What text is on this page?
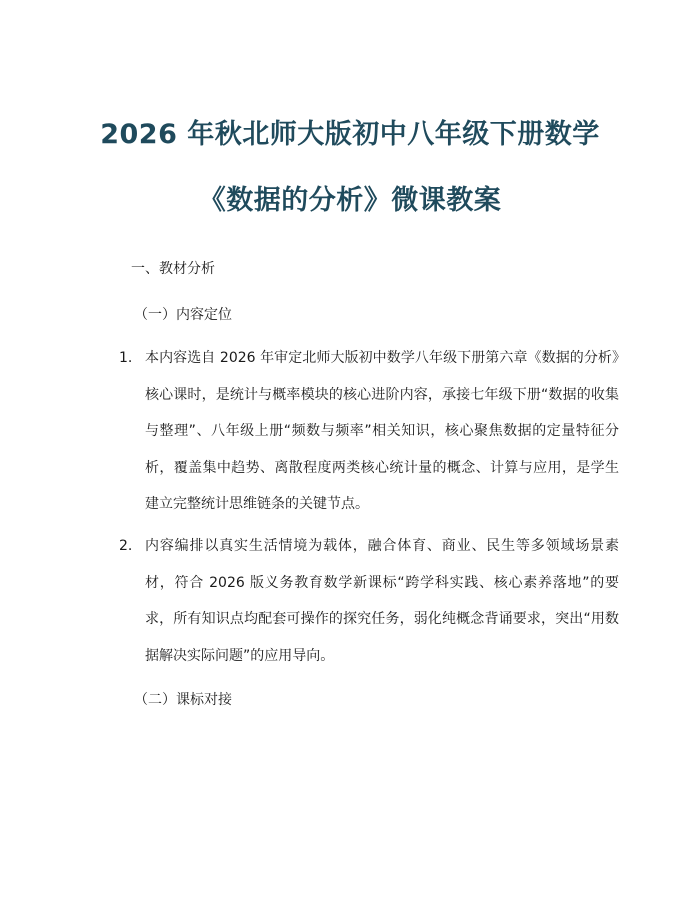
2026 年秋北师大版初中八年级下册数学
《数据的分析》微课教案
一、教材分析
（一）内容定位
1. 本内容选自 2026 年审定北师大版初中数学八年级下册第六章《数据的分析》核心课时，是统计与概率模块的核心进阶内容，承接七年级下册“数据的收集与整理”、八年级上册“频数与频率”相关知识，核心聚焦数据的定量特征分析，覆盖集中趋势、离散程度两类核心统计量的概念、计算与应用，是学生建立完整统计思维链条的关键节点。
2. 内容编排以真实生活情境为载体，融合体育、商业、民生等多领域场景素材，符合 2026 版义务教育数学新课标“跨学科实践、核心素养落地”的要求，所有知识点均配套可操作的探究任务，弱化纯概念背诵要求，突出“用数据解决实际问题”的应用导向。
（二）课标对接
